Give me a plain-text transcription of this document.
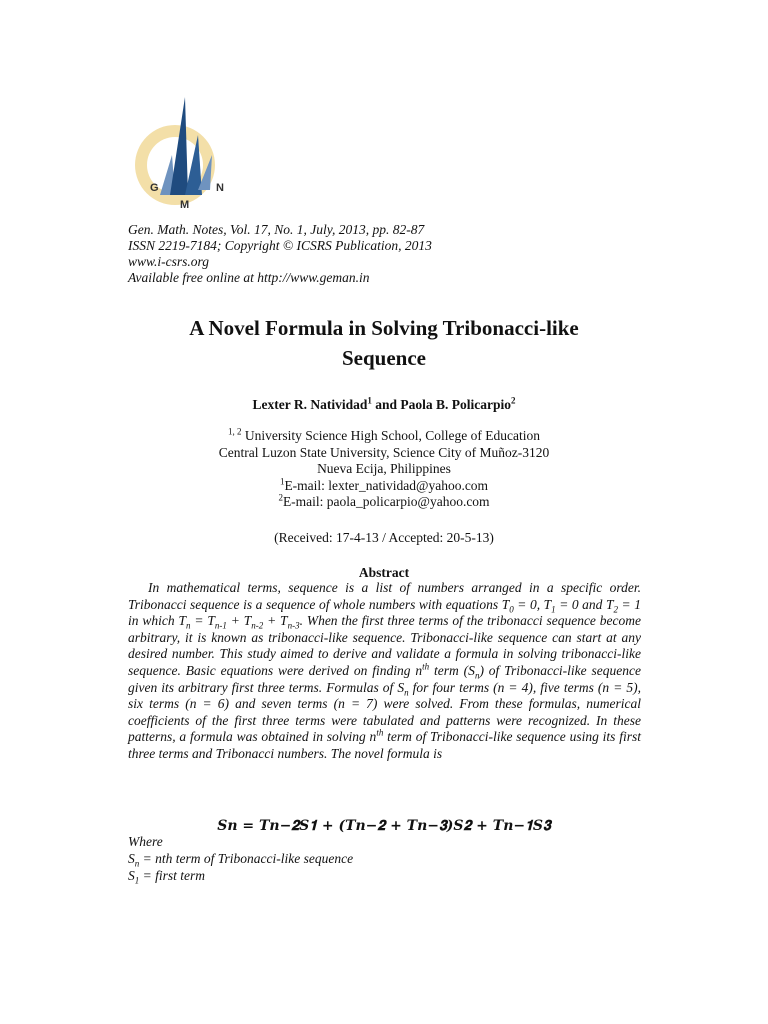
G
M
N
Gen. Math. Notes, Vol. 17, No. 1, July, 2013, pp. 82-87
ISSN 2219-7184; Copyright © ICSRS Publication, 2013
www.i-csrs.org
Available free online at http://www.geman.in
A Novel Formula in Solving Tribonacci-like
Sequence
Lexter R. Natividad$^1$ and Paola B. Policarpio$^2$
$^{1, 2}$ University Science High School, College of Education
Central Luzon State University, Science City of Muñoz-3120
Nueva Ecija, Philippines
$^1$E-mail: lexter_natividad@yahoo.com
$^2$E-mail: paola_policarpio@yahoo.com
(Received: 17-4-13 / Accepted: 20-5-13)
Abstract

In mathematical terms, sequence is a list of numbers arranged in a specific order. Tribonacci sequence is a sequence of whole numbers with equations $T_0 = 0$, $T_1 = 0$ and $T_2 = 1$ in which $T_n = T_{n-1} + T_{n-2} + T_{n-3}$. When the first three terms of the tribonacci sequence become arbitrary, it is known as tribonacci-like sequence. Tribonacci-like sequence can start at any desired number. This study aimed to derive and validate a formula in solving tribonacci-like sequence. Basic equations were derived on finding $n^{th}$ term $(S_n)$ of Tribonacci-like sequence given its arbitrary first three terms. Formulas of $S_n$ for four terms (n = 4), five terms (n = 5), six terms (n = 6) and seven terms (n = 7) were solved. From these formulas, numerical coefficients of the first three terms were tabulated and patterns were recognized. In these patterns, a formula was obtained in solving $n^{th}$ term of Tribonacci-like sequence using its first three terms and Tribonacci numbers. The novel formula is

𝑺𝒏 = 𝑻𝒏−𝟐𝑺𝟏 + (𝑻𝒏−𝟐 + 𝑻𝒏−𝟑)𝑺𝟐 + 𝑻𝒏−𝟏𝑺𝟑
Where
$S_n$ = nth term of Tribonacci-like sequence
$S_1$ = first term
